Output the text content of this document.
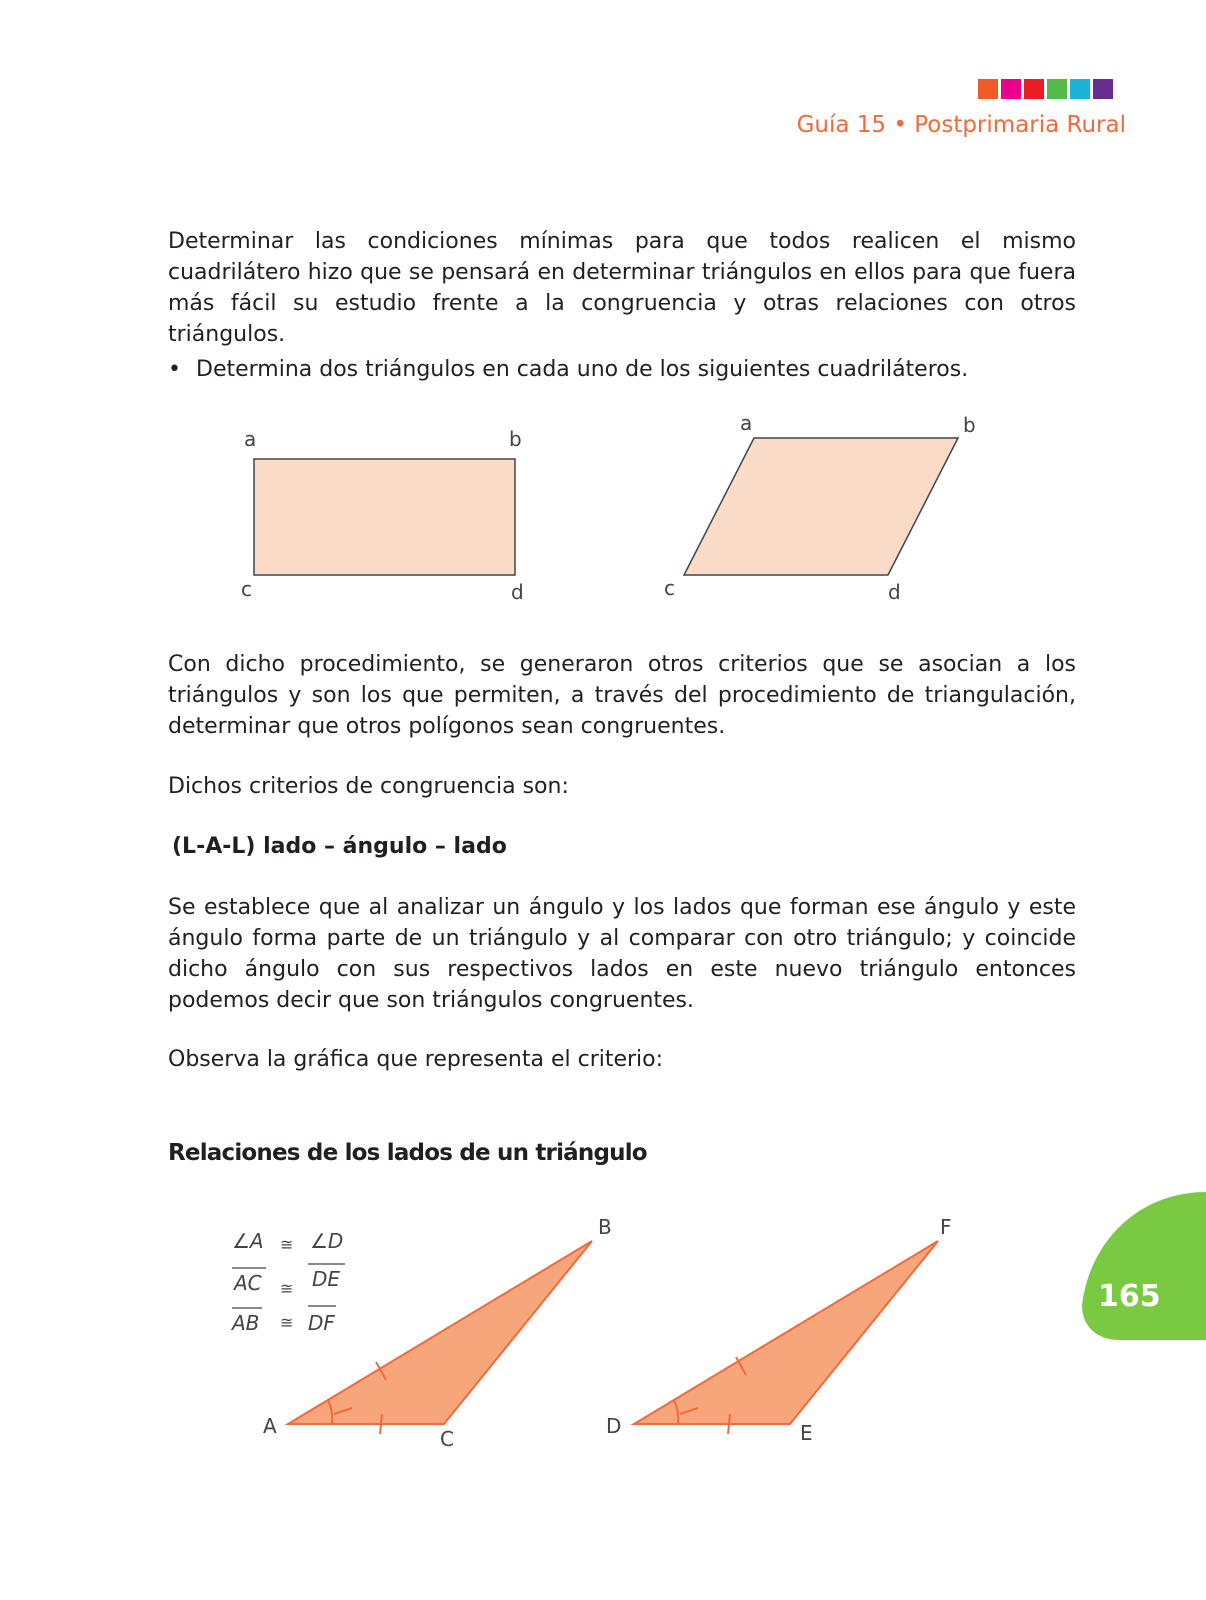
Guía 15 • Postprimaria Rural

Determinar las condiciones mínimas para que todos realicen el mismo cuadrilátero hizo que se pensará en determinar triángulos en ellos para que fuera más fácil su estudio frente a la congruencia y otras relaciones con otros triángulos.

• Determina dos triángulos en cada uno de los siguientes cuadriláteros.

Con dicho procedimiento, se generaron otros criterios que se asocian a los triángulos y son los que permiten, a través del procedimiento de triangulación, determinar que otros polígonos sean congruentes.

Dichos criterios de congruencia son:

(L-A-L) lado – ángulo – lado

Se establece que al analizar un ángulo y los lados que forman ese ángulo y este ángulo forma parte de un triángulo y al comparar con otro triángulo; y coincide dicho ángulo con sus respectivos lados en este nuevo triángulo entonces podemos decir que son triángulos congruentes.

Observa la gráfica que representa el criterio:

Relaciones de los lados de un triángulo
a	b
c	d
a	b
c	d
∠A ≅ ∠D
AC ≅ DE
AB ≅ DF
A
B
C
D	E
F
165
